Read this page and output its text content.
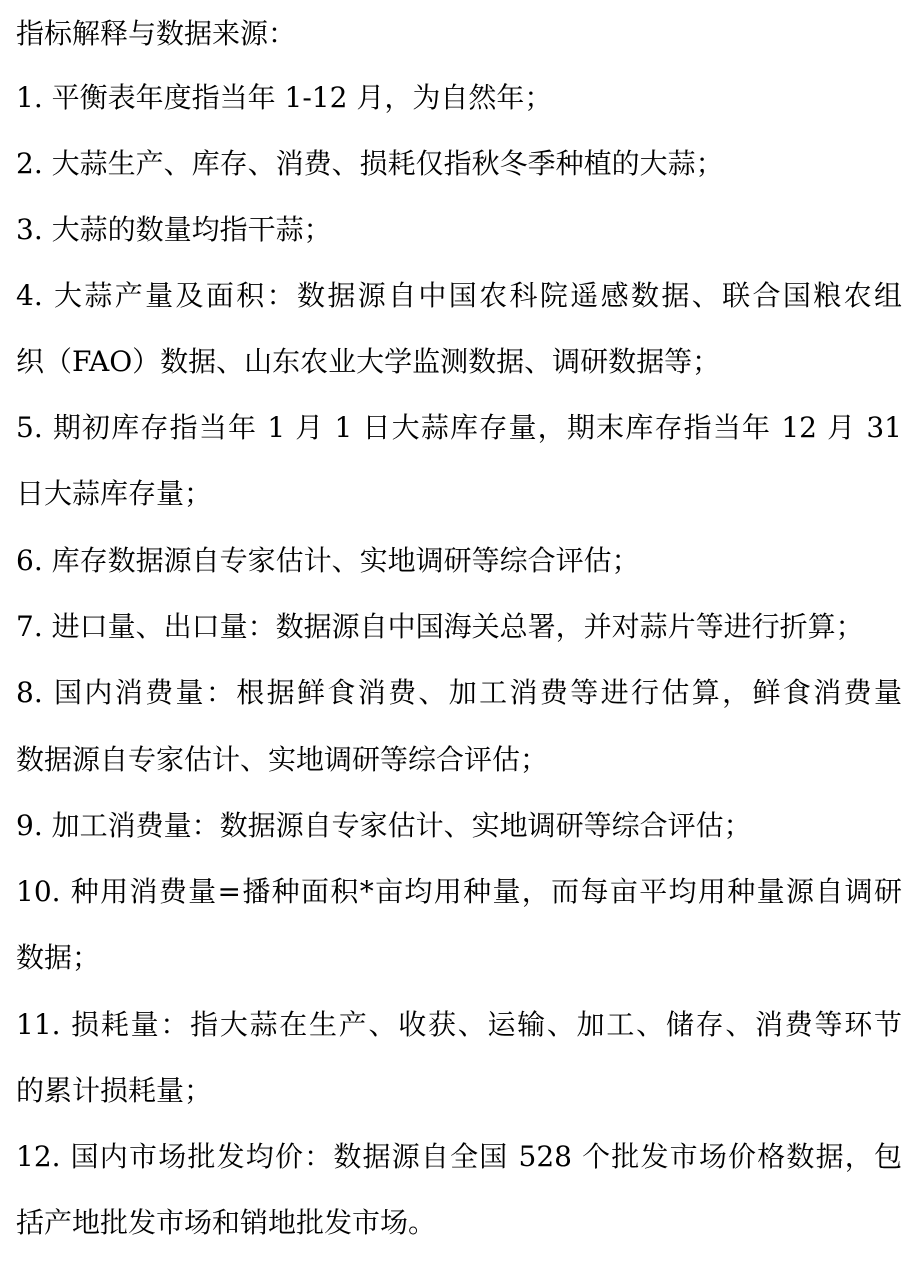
指标解释与数据来源：
1. 平衡表年度指当年 1-12 月，为自然年；
2. 大蒜生产、库存、消费、损耗仅指秋冬季种植的大蒜；
3. 大蒜的数量均指干蒜；
4. 大蒜产量及面积：数据源自中国农科院遥感数据、联合国粮农组
织（FAO）数据、山东农业大学监测数据、调研数据等；
5. 期初库存指当年 1 月 1 日大蒜库存量，期末库存指当年 12 月 31
日大蒜库存量；
6. 库存数据源自专家估计、实地调研等综合评估；
7. 进口量、出口量：数据源自中国海关总署，并对蒜片等进行折算；
8. 国内消费量：根据鲜食消费、加工消费等进行估算，鲜食消费量
数据源自专家估计、实地调研等综合评估；
9. 加工消费量：数据源自专家估计、实地调研等综合评估；
10. 种用消费量=播种面积*亩均用种量，而每亩平均用种量源自调研
数据；
11. 损耗量：指大蒜在生产、收获、运输、加工、储存、消费等环节
的累计损耗量；
12. 国内市场批发均价：数据源自全国 528 个批发市场价格数据，包
括产地批发市场和销地批发市场。
